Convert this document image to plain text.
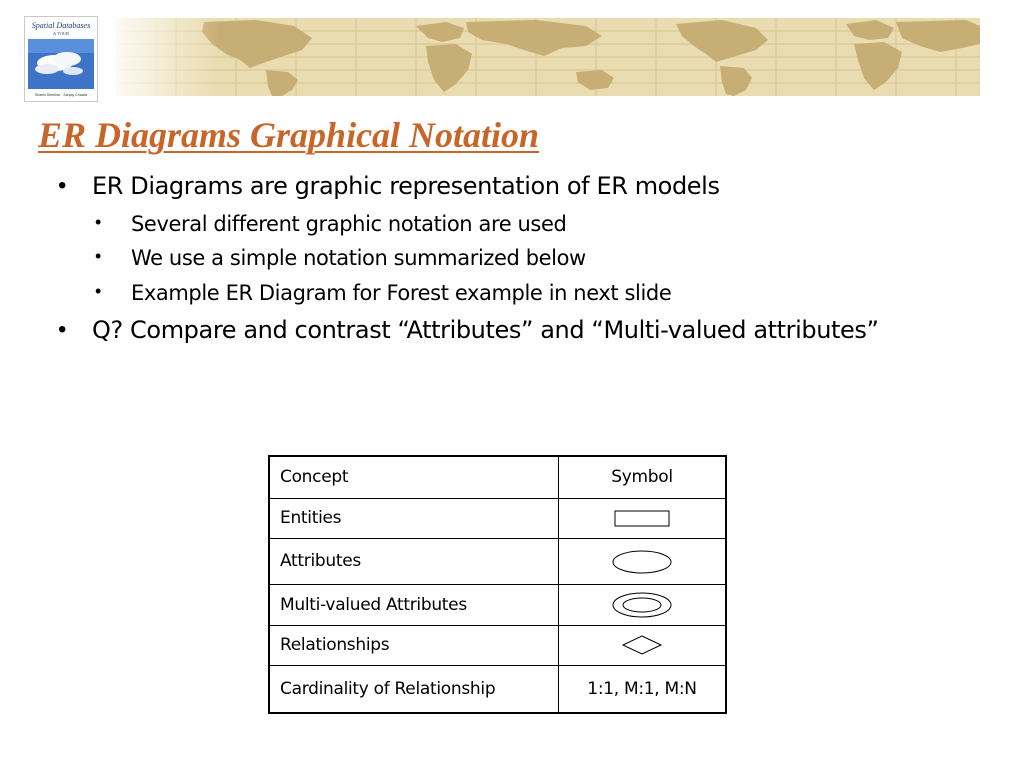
Spatial Databases
A TOUR
Shashi Shekhar · Sanjay Chawla
ER Diagrams Graphical Notation
• ER Diagrams are graphic representation of ER models
• Several different graphic notation are used
• We use a simple notation summarized below
• Example ER Diagram for Forest example in next slide
• Q? Compare and contrast “Attributes” and “Multi-valued attributes”
Concept	Symbol
Entities	
Attributes	
Multi-valued Attributes	
Relationships	
Cardinality of Relationship	1:1, M:1, M:N
